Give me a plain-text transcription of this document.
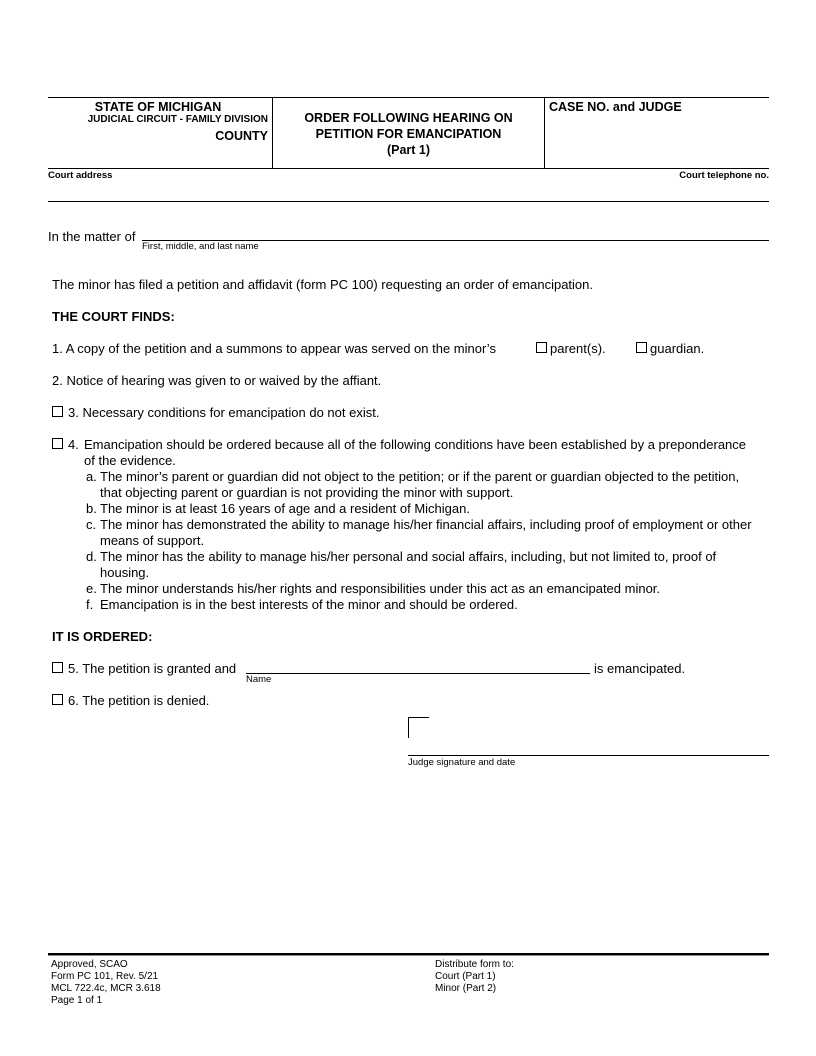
STATE OF MICHIGAN
JUDICIAL CIRCUIT - FAMILY DIVISION
COUNTY
ORDER FOLLOWING HEARING ON
PETITION FOR EMANCIPATION
(Part 1)
CASE NO. and JUDGE
Court address	Court telephone no.
In the matter of
First, middle, and last name
The minor has filed a petition and affidavit (form PC 100) requesting an order of emancipation.
THE COURT FINDS:
1. A copy of the petition and a summons to appear was served on the minor’s	parent(s).	guardian.
2. Notice of hearing was given to or waived by the affiant.
3. Necessary conditions for emancipation do not exist.
4. Emancipation should be ordered because all of the following conditions have been established by a preponderance
of the evidence.
a. The minor’s parent or guardian did not object to the petition; or if the parent or guardian objected to the petition,
that objecting parent or guardian is not providing the minor with support.
b. The minor is at least 16 years of age and a resident of Michigan.
c. The minor has demonstrated the ability to manage his/her financial affairs, including proof of employment or other
means of support.
d. The minor has the ability to manage his/her personal and social affairs, including, but not limited to, proof of
housing.
e. The minor understands his/her rights and responsibilities under this act as an emancipated minor.
f. Emancipation is in the best interests of the minor and should be ordered.
IT IS ORDERED:
5. The petition is granted and
Name
is emancipated.
6. The petition is denied.
Judge signature and date
Approved, SCAO
Form PC 101, Rev. 5/21
MCL 722.4c, MCR 3.618
Page 1 of 1
Distribute form to:
Court (Part 1)
Minor (Part 2)
